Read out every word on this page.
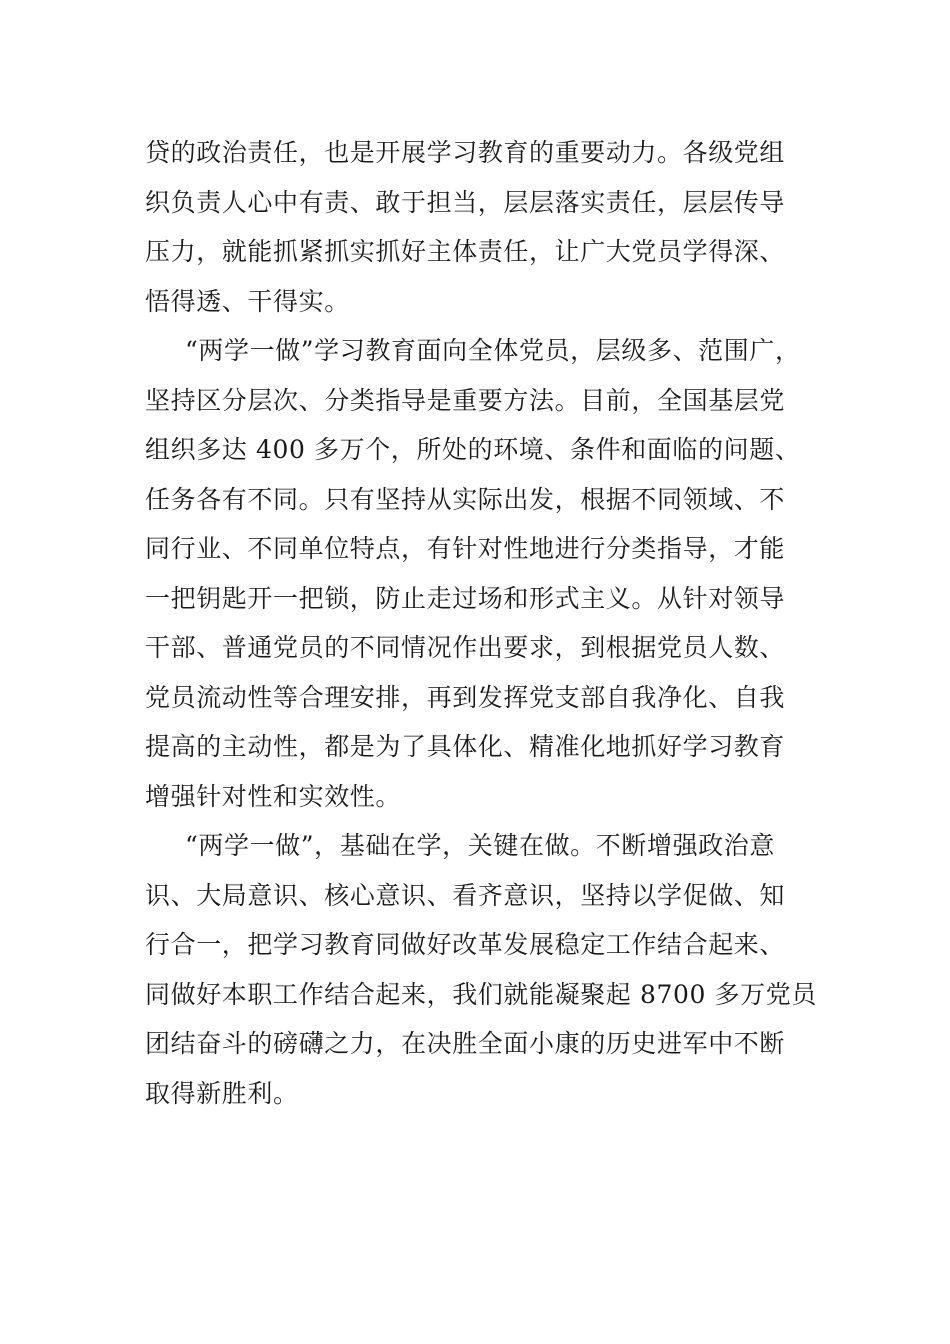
贷的政治责任，也是开展学习教育的重要动力。各级党组
织负责人心中有责、敢于担当，层层落实责任，层层传导
压力，就能抓紧抓实抓好主体责任，让广大党员学得深、
悟得透、干得实。
“两学一做”学习教育面向全体党员，层级多、范围广，
坚持区分层次、分类指导是重要方法。目前，全国基层党
组织多达 400 多万个，所处的环境、条件和面临的问题、
任务各有不同。只有坚持从实际出发，根据不同领域、不
同行业、不同单位特点，有针对性地进行分类指导，才能
一把钥匙开一把锁，防止走过场和形式主义。从针对领导
干部、普通党员的不同情况作出要求，到根据党员人数、
党员流动性等合理安排，再到发挥党支部自我净化、自我
提高的主动性，都是为了具体化、精准化地抓好学习教育
增强针对性和实效性。
“两学一做”，基础在学，关键在做。不断增强政治意
识、大局意识、核心意识、看齐意识，坚持以学促做、知
行合一，把学习教育同做好改革发展稳定工作结合起来、
同做好本职工作结合起来，我们就能凝聚起 8700 多万党员
团结奋斗的磅礴之力，在决胜全面小康的历史进军中不断
取得新胜利。
